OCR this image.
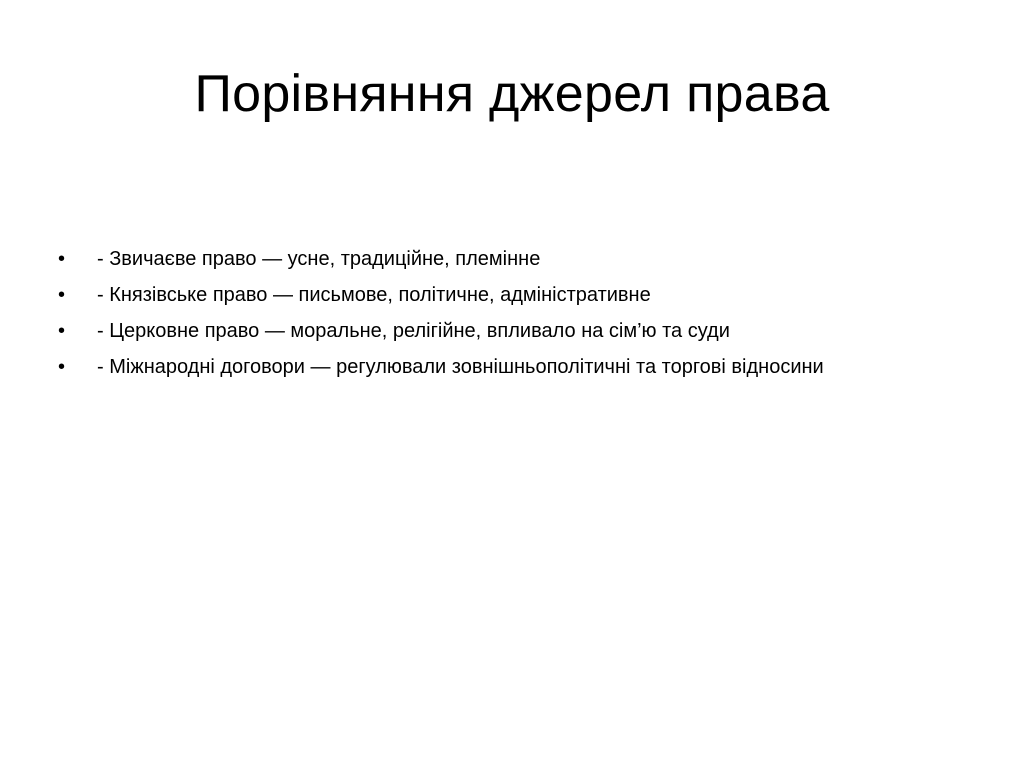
Порівняння джерел права
• - Звичаєве право — усне, традиційне, племінне
• - Князівське право — письмове, політичне, адміністративне
• - Церковне право — моральне, релігійне, впливало на сім’ю та суди
• - Міжнародні договори — регулювали зовнішньополітичні та торгові відносини
